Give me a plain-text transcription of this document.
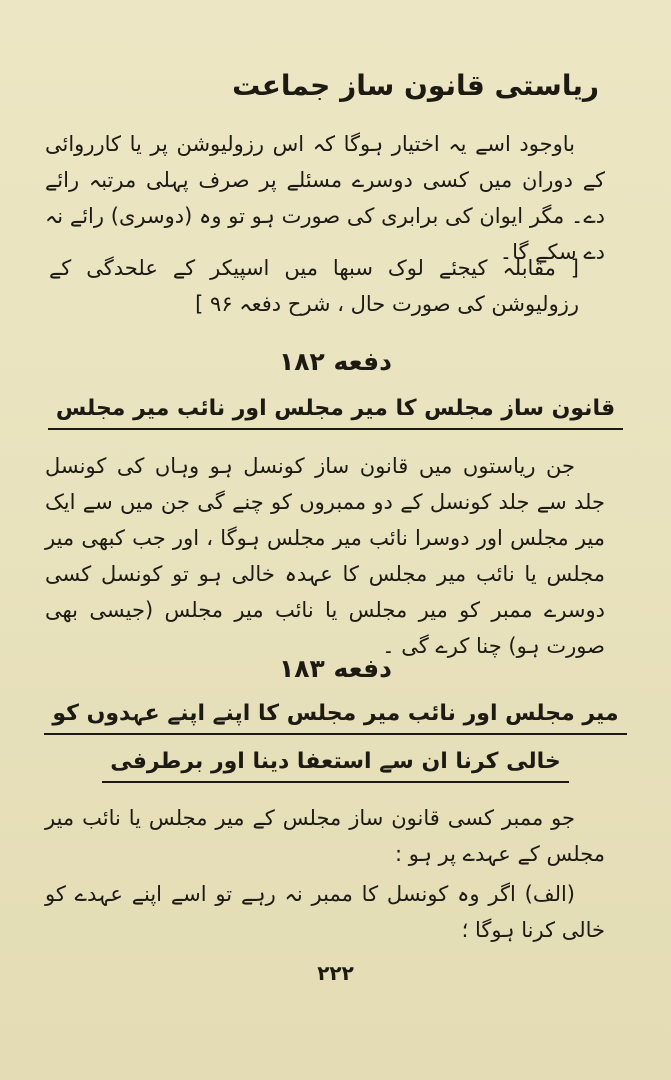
ریاستی قانون ساز جماعت
باوجود اسے یہ اختیار ہوگا کہ اس رزولیوشن پر یا کارروائی کے دوران میں کسی دوسرے مسئلے پر صرف پہلی مرتبہ رائے دے۔ مگر ایوان کی برابری کی صورت ہو تو وہ (دوسری) رائے نہ دے سکے گا۔
[ مقابلہ کیجئے لوک سبھا میں اسپیکر کے علحدگی کے رزولیوشن کی صورت حال ، شرح دفعہ ۹۶ ]
دفعه ۱۸۲
قانون ساز مجلس کا میر مجلس اور نائب میر مجلس
جن ریاستوں میں قانون ساز کونسل ہو وہاں کی کونسل جلد سے جلد کونسل کے دو ممبروں کو چنے گی جن میں سے ایک میر مجلس اور دوسرا نائب میر مجلس ہوگا ، اور جب کبھی میر مجلس یا نائب میر مجلس کا عہدہ خالی ہو تو کونسل کسی دوسرے ممبر کو میر مجلس یا نائب میر مجلس (جیسی بھی صورت ہو) چنا کرے گی ۔
دفعه ۱۸۳
میر مجلس اور نائب میر مجلس کا اپنے اپنے عہدوں کو
خالی کرنا ان سے استعفا دینا اور برطرفی
جو ممبر کسی قانون ساز مجلس کے میر مجلس یا نائب میر مجلس کے عہدے پر ہو :
(الف) اگر وہ کونسل کا ممبر نہ رہے تو اسے اپنے عہدے کو خالی کرنا ہوگا ؛
۲۲۲
